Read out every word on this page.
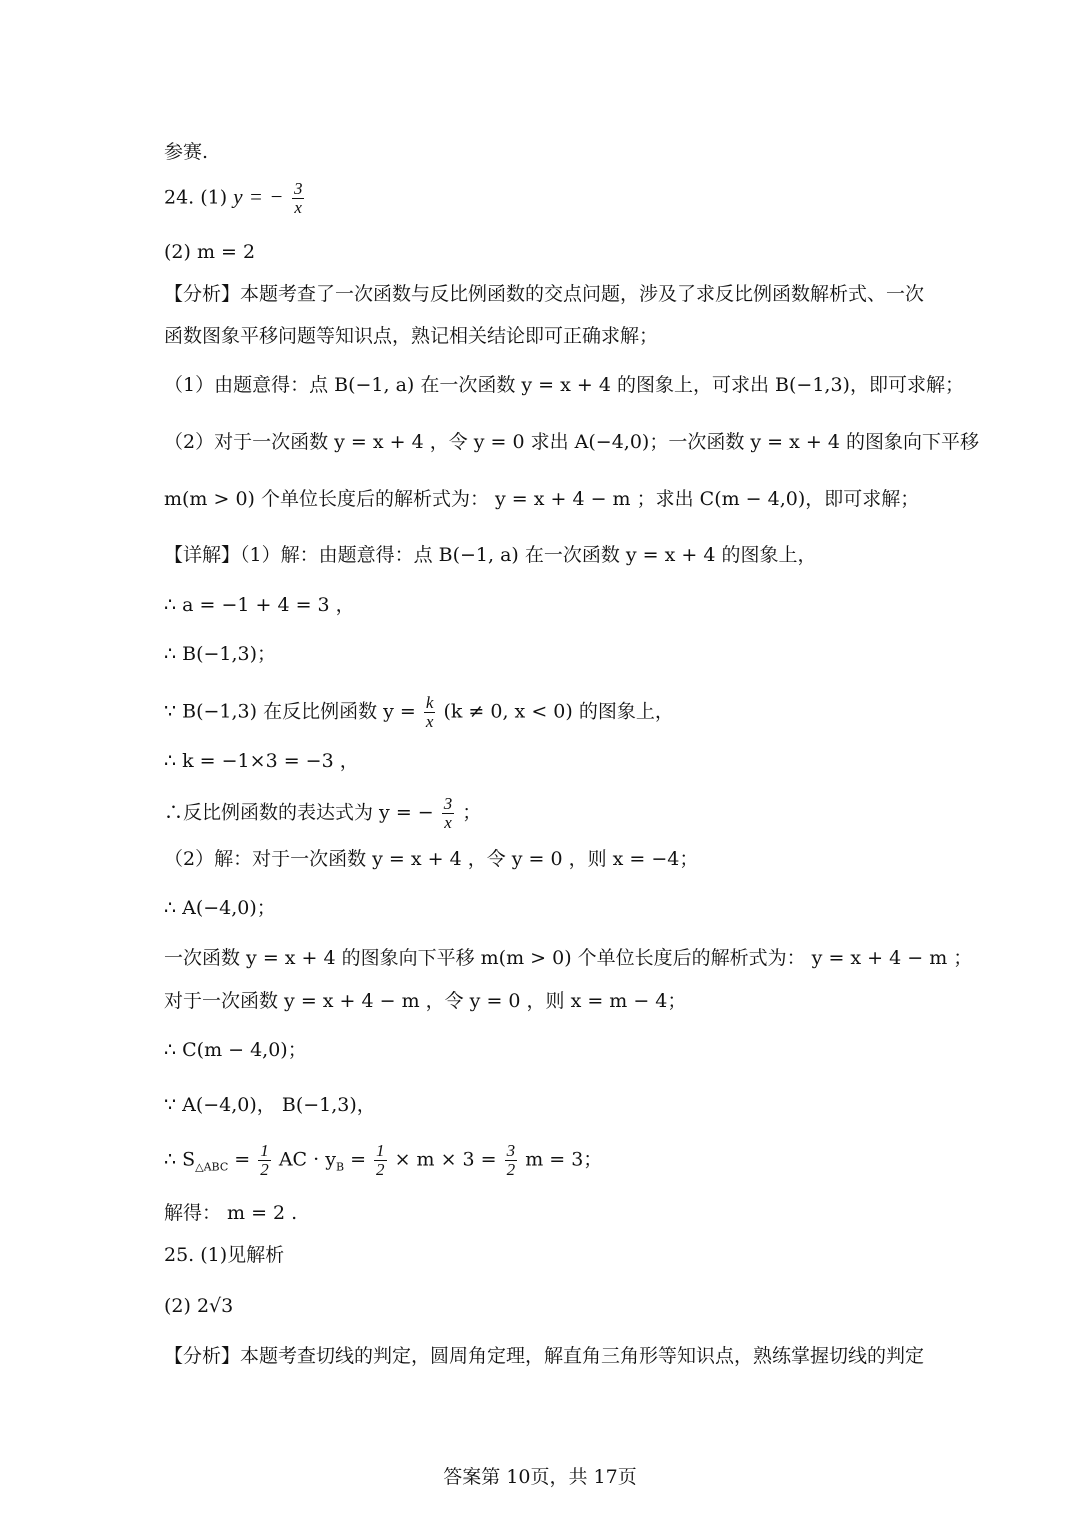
参赛.
24. (1) y = − $\frac{3}{x}$
(2) m = 2
【分析】本题考查了一次函数与反比例函数的交点问题，涉及了求反比例函数解析式、一次
函数图象平移问题等知识点，熟记相关结论即可正确求解；
（1）由题意得：点 B(−1, a) 在一次函数 y = x + 4 的图象上，可求出 B(−1,3)，即可求解；
（2）对于一次函数 y = x + 4 ，令 y = 0 求出 A(−4,0)；一次函数 y = x + 4 的图象向下平移
m(m > 0) 个单位长度后的解析式为： y = x + 4 − m ；求出 C(m − 4,0)，即可求解；
【详解】（1）解：由题意得：点 B(−1, a) 在一次函数 y = x + 4 的图象上，
∴ a = −1 + 4 = 3 ，
∴ B(−1,3)；
∵ B(−1,3) 在反比例函数 $y = \frac{k}{x} (k \ne 0$, x < 0) 的图象上，
∴ k = −1×3 = −3 ，
∴反比例函数的表达式为 y = − $\frac{3}{x}$ ；
（2）解：对于一次函数 y = x + 4 ，令 y = 0 ，则 x = −4；
∴ A(−4,0)；
一次函数 y = x + 4 的图象向下平移 m(m > 0) 个单位长度后的解析式为： y = x + 4 − m ；
对于一次函数 y = x + 4 − m ，令 y = 0 ，则 x = m − 4；
∴ C(m − 4,0)；
∵ A(−4,0)， B(−1,3)，
∴ $S_{\triangle ABC} = \frac{1}{2}$ AC · $y_B = \frac{1}{2} \times m \times 3 = \frac{3}{2}$ m = 3；
解得： m = 2 .
25. (1)见解析
(2) 2√3
【分析】本题考查切线的判定，圆周角定理，解直角三角形等知识点，熟练掌握切线的判定
答案第 10页，共 17页
